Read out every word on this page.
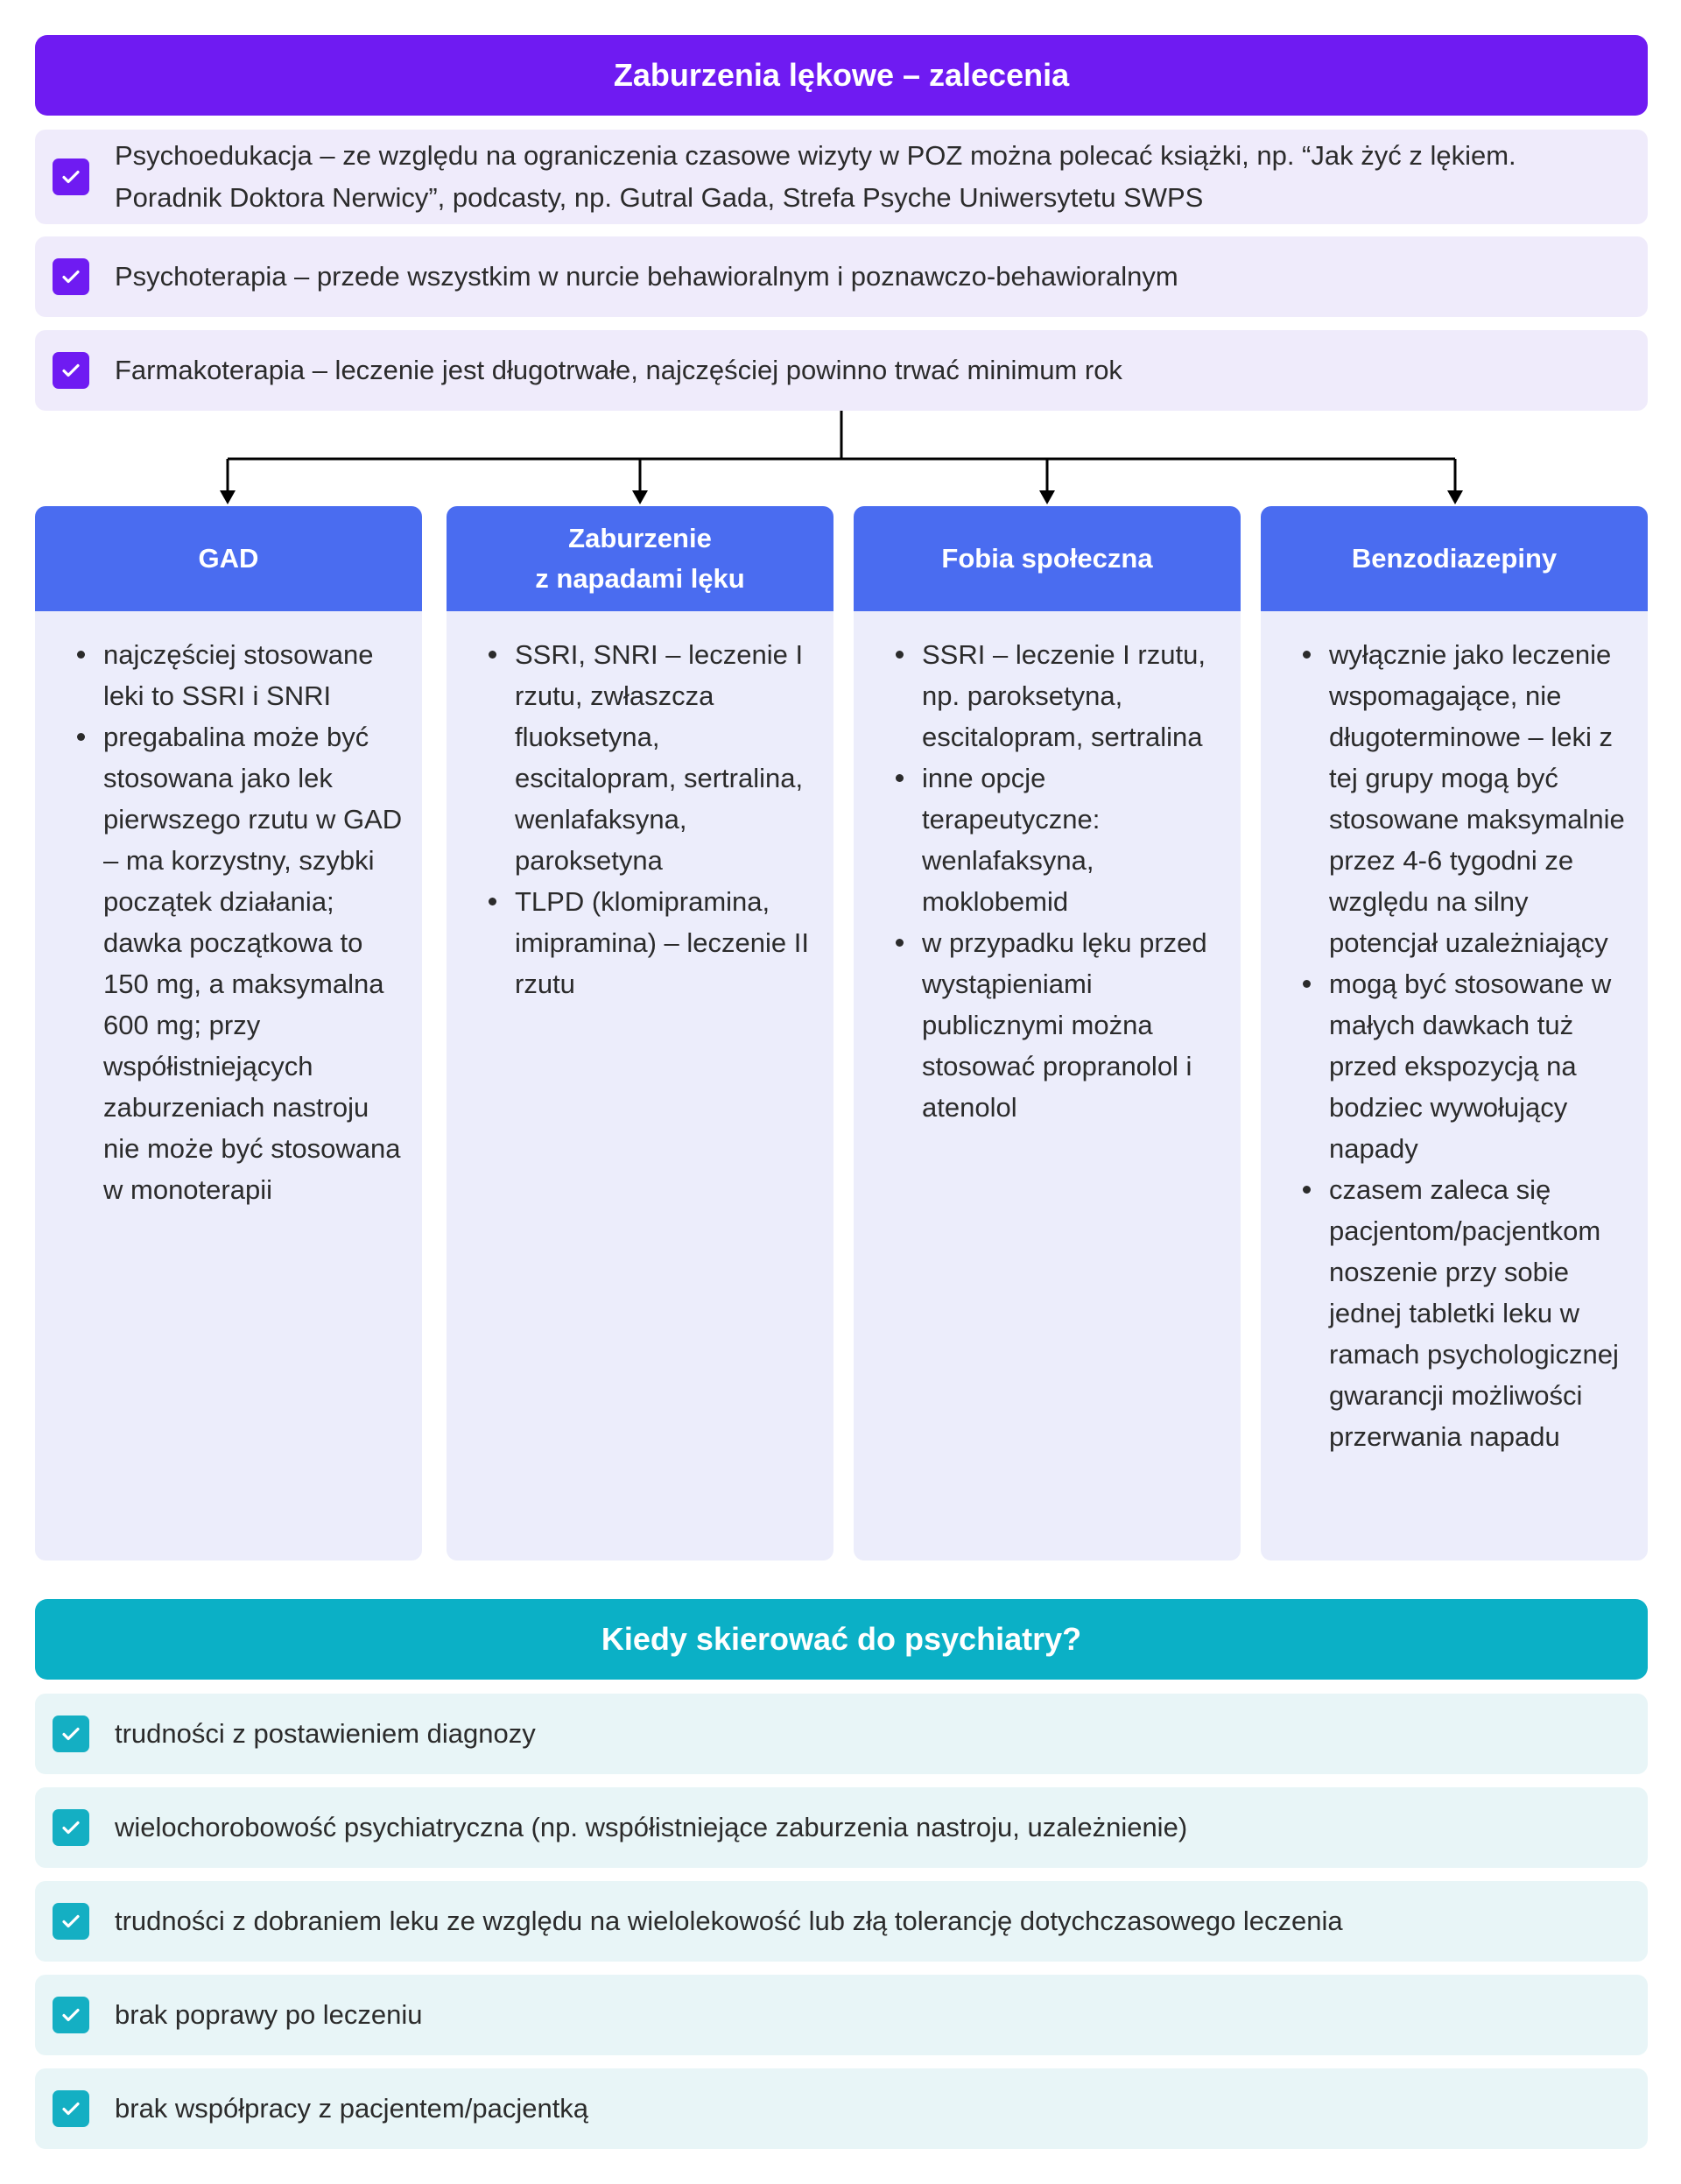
Zaburzenia lękowe – zalecenia
Psychoedukacja – ze względu na ograniczenia czasowe wizyty w POZ można polecać książki, np. “Jak żyć z lękiem. Poradnik Doktora Nerwicy”, podcasty, np. Gutral Gada, Strefa Psyche Uniwersytetu SWPS
Psychoterapia – przede wszystkim w nurcie behawioralnym i poznawczo-behawioralnym
Farmakoterapia – leczenie jest długotrwałe, najczęściej powinno trwać minimum rok
GAD
najczęściej stosowane leki to SSRI i SNRI
pregabalina może być stosowana jako lek pierwszego rzutu w GAD – ma korzystny, szybki początek działania; dawka początkowa to 150 mg, a maksymalna 600 mg; przy współistniejących zaburzeniach nastroju nie może być stosowana w monoterapii
Zaburzenie
z napadami lęku
SSRI, SNRI – leczenie I rzutu, zwłaszcza fluoksetyna, escitalopram, sertralina, wenlafaksyna, paroksetyna
TLPD (klomipramina, imipramina) – leczenie II rzutu
Fobia społeczna
SSRI – leczenie I rzutu, np. paroksetyna, escitalopram, sertralina
inne opcje terapeutyczne: wenlafaksyna, moklobemid
w przypadku lęku przed wystąpieniami publicznymi można stosować propranolol i atenolol
Benzodiazepiny
wyłącznie jako leczenie wspomagające, nie długoterminowe – leki z tej grupy mogą być stosowane maksymalnie przez 4-6 tygodni ze względu na silny potencjał uzależniający
mogą być stosowane w małych dawkach tuż przed ekspozycją na bodziec wywołujący napady
czasem zaleca się pacjentom/pacjentkom noszenie przy sobie jednej tabletki leku w ramach psychologicznej gwarancji możliwości przerwania napadu
Kiedy skierować do psychiatry?
trudności z postawieniem diagnozy
wielochorobowość psychiatryczna (np. współistniejące zaburzenia nastroju, uzależnienie)
trudności z dobraniem leku ze względu na wielolekowość lub złą tolerancję dotychczasowego leczenia
brak poprawy po leczeniu
brak współpracy z pacjentem/pacjentką
